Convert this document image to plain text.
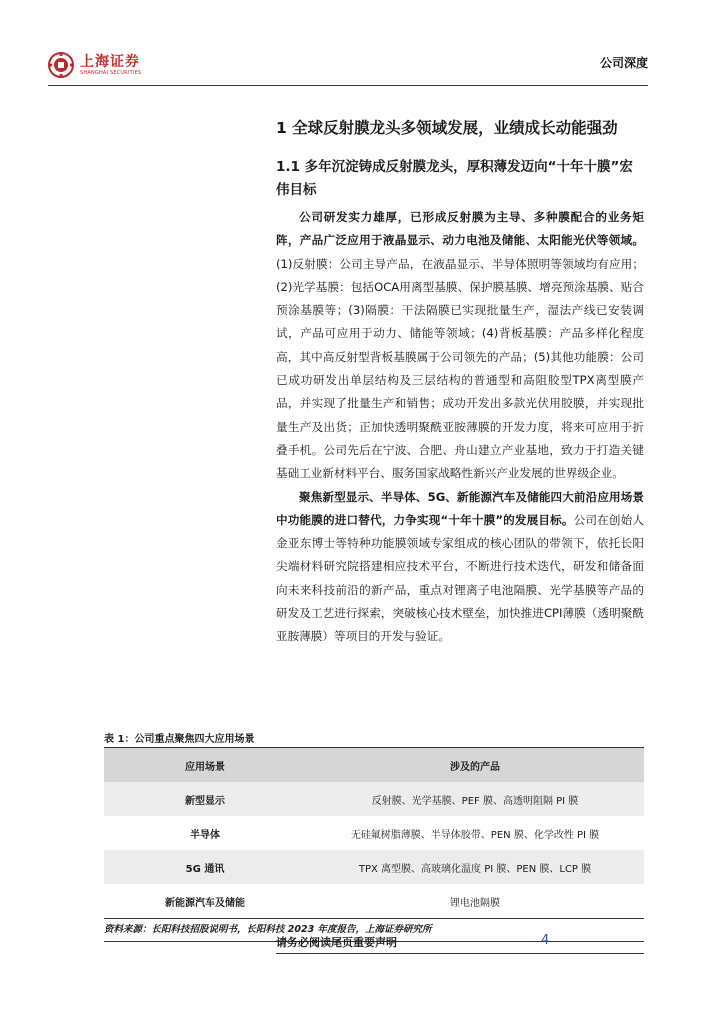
上海证券
SHANGHAI SECURITIES
公司深度
1 全球反射膜龙头多领域发展，业绩成长动能强劲
1.1 多年沉淀铸成反射膜龙头，厚积薄发迈向“十年十膜”宏伟目标

公司研发实力雄厚，已形成反射膜为主导、多种膜配合的业务矩阵，产品广泛应用于液晶显示、动力电池及储能、太阳能光伏等领域。(1)反射膜：公司主导产品，在液晶显示、半导体照明等领域均有应用；(2)光学基膜：包括OCA用离型基膜、保护膜基膜、增亮预涂基膜、贴合预涂基膜等；(3)隔膜：干法隔膜已实现批量生产，湿法产线已安装调试，产品可应用于动力、储能等领域；(4)背板基膜：产品多样化程度高，其中高反射型背板基膜属于公司领先的产品；(5)其他功能膜：公司已成功研发出单层结构及三层结构的普通型和高阻胶型TPX离型膜产品，并实现了批量生产和销售；成功开发出多款光伏用胶膜，并实现批量生产及出货；正加快透明聚酰亚胺薄膜的开发力度，将来可应用于折叠手机。公司先后在宁波、合肥、舟山建立产业基地，致力于打造关键基础工业新材料平台、服务国家战略性新兴产业发展的世界级企业。

聚焦新型显示、半导体、5G、新能源汽车及储能四大前沿应用场景中功能膜的进口替代，力争实现“十年十膜”的发展目标。公司在创始人金亚东博士等特种功能膜领域专家组成的核心团队的带领下，依托长阳尖端材料研究院搭建相应技术平台，不断进行技术迭代，研发和储备面向未来科技前沿的新产品，重点对锂离子电池隔膜、光学基膜等产品的研发及工艺进行探索，突破核心技术壁垒，加快推进CPI薄膜（透明聚酰亚胺薄膜）等项目的开发与验证。

表 1：公司重点聚焦四大应用场景
应用场景	涉及的产品
新型显示	反射膜、光学基膜、PEF 膜、高透明阻隔 PI 膜
半导体	无硅氟树脂薄膜、半导体胶带、PEN 膜、化学改性 PI 膜
5G 通讯	TPX 离型膜、高玻璃化温度 PI 膜、PEN 膜、LCP 膜
新能源汽车及储能	锂电池隔膜
资料来源：长阳科技招股说明书，长阳科技 2023 年度报告，上海证券研究所
请务必阅读尾页重要声明	4
